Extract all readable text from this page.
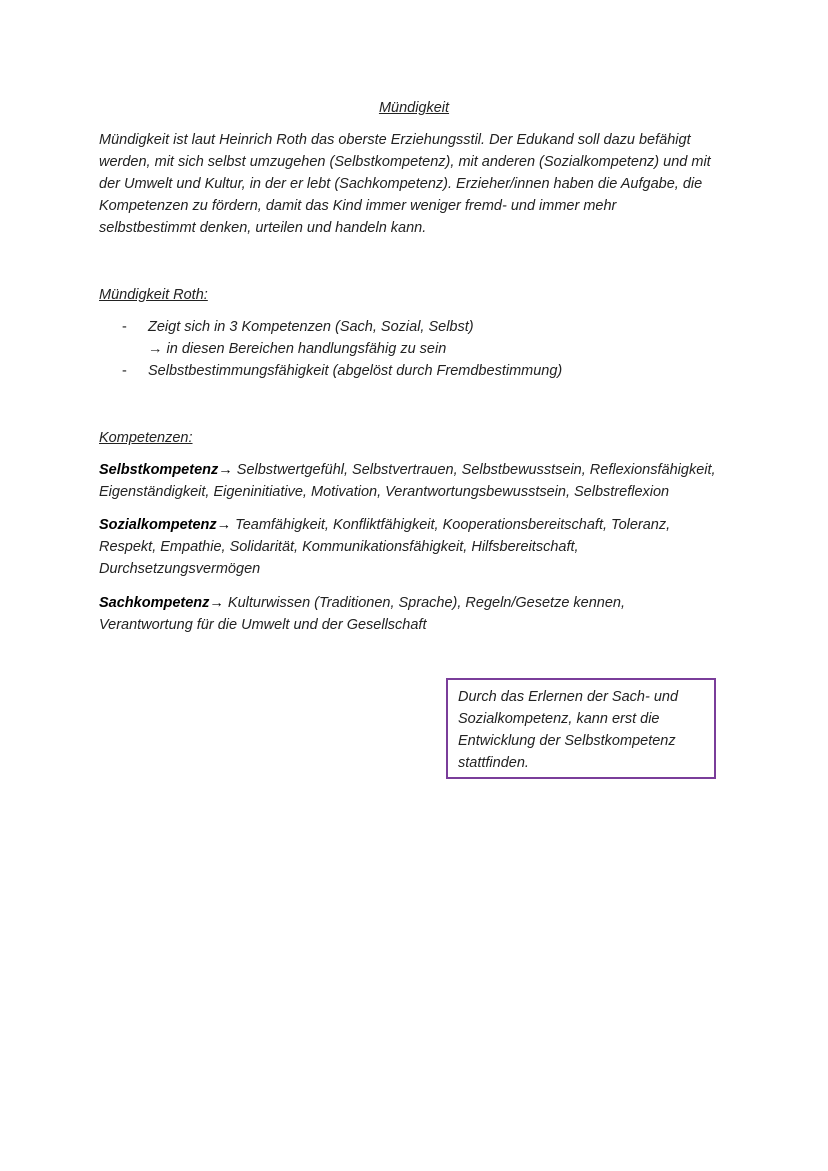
Mündigkeit
Mündigkeit ist laut Heinrich Roth das oberste Erziehungsstil. Der Edukand soll dazu befähigt
werden, mit sich selbst umzugehen (Selbstkompetenz), mit anderen (Sozialkompetenz) und mit
der Umwelt und Kultur, in der er lebt (Sachkompetenz). Erzieher/innen haben die Aufgabe, die
Kompetenzen zu fördern, damit das Kind immer weniger fremd- und immer mehr
selbstbestimmt denken, urteilen und handeln kann.
Mündigkeit Roth:
- Zeigt sich in 3 Kompetenzen (Sach, Sozial, Selbst)
→ in diesen Bereichen handlungsfähig zu sein
- Selbstbestimmungsfähigkeit (abgelöst durch Fremdbestimmung)
Kompetenzen:
Selbstkompetenz→ Selbstwertgefühl, Selbstvertrauen, Selbstbewusstsein, Reflexionsfähigkeit,
Eigenständigkeit, Eigeninitiative, Motivation, Verantwortungsbewusstsein, Selbstreflexion
Sozialkompetenz→ Teamfähigkeit, Konfliktfähigkeit, Kooperationsbereitschaft, Toleranz,
Respekt, Empathie, Solidarität, Kommunikationsfähigkeit, Hilfsbereitschaft,
Durchsetzungsvermögen
Sachkompetenz→ Kulturwissen (Traditionen, Sprache), Regeln/Gesetze kennen,
Verantwortung für die Umwelt und der Gesellschaft
Durch das Erlernen der Sach- und
Sozialkompetenz, kann erst die
Entwicklung der Selbstkompetenz
stattfinden.
